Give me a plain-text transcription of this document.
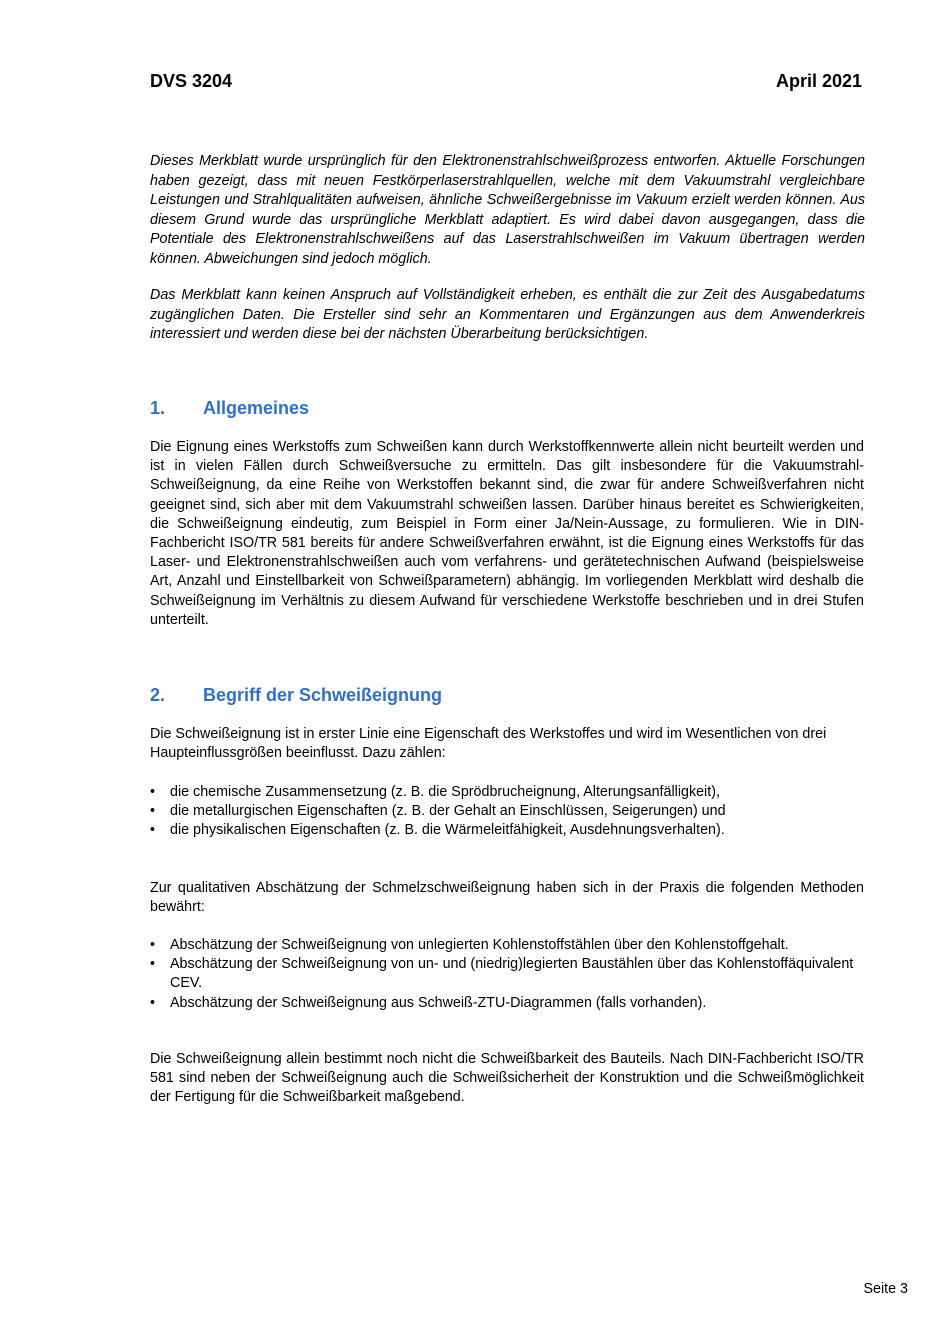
DVS 3204	April 2021

Dieses Merkblatt wurde ursprünglich für den Elektronenstrahlschweißprozess entworfen. Aktuelle Forschungen haben gezeigt, dass mit neuen Festkörperlaserstrahlquellen, welche mit dem Vakuumstrahl vergleichbare Leistungen und Strahlqualitäten aufweisen, ähnliche Schweißergebnisse im Vakuum erzielt werden können. Aus diesem Grund wurde das ursprüngliche Merkblatt adaptiert. Es wird dabei davon ausgegangen, dass die Potentiale des Elektronenstrahlschweißens auf das Laserstrahlschweißen im Vakuum übertragen werden können. Abweichungen sind jedoch möglich.

Das Merkblatt kann keinen Anspruch auf Vollständigkeit erheben, es enthält die zur Zeit des Ausgabedatums zugänglichen Daten. Die Ersteller sind sehr an Kommentaren und Ergänzungen aus dem Anwenderkreis interessiert und werden diese bei der nächsten Überarbeitung berücksichtigen.

1. Allgemeines

Die Eignung eines Werkstoffs zum Schweißen kann durch Werkstoffkennwerte allein nicht beurteilt werden und ist in vielen Fällen durch Schweißversuche zu ermitteln. Das gilt insbesondere für die Vakuumstrahl-Schweißeignung, da eine Reihe von Werkstoffen bekannt sind, die zwar für andere Schweißverfahren nicht geeignet sind, sich aber mit dem Vakuumstrahl schweißen lassen. Darüber hinaus bereitet es Schwierigkeiten, die Schweißeignung eindeutig, zum Beispiel in Form einer Ja/Nein-Aussage, zu formulieren. Wie in DIN-Fachbericht ISO/TR 581 bereits für andere Schweißverfahren erwähnt, ist die Eignung eines Werkstoffs für das Laser- und Elektronenstrahlschweißen auch vom verfahrens- und gerätetechnischen Aufwand (beispielsweise Art, Anzahl und Einstellbarkeit von Schweißparametern) abhängig. Im vorliegenden Merkblatt wird deshalb die Schweißeignung im Verhältnis zu diesem Aufwand für verschiedene Werkstoffe beschrieben und in drei Stufen unterteilt.

2. Begriff der Schweißeignung

Die Schweißeignung ist in erster Linie eine Eigenschaft des Werkstoffes und wird im Wesentlichen von drei Haupteinflussgrößen beeinflusst. Dazu zählen:

• die chemische Zusammensetzung (z. B. die Sprödbrucheignung, Alterungsanfälligkeit),
• die metallurgischen Eigenschaften (z. B. der Gehalt an Einschlüssen, Seigerungen) und
• die physikalischen Eigenschaften (z. B. die Wärmeleitfähigkeit, Ausdehnungsverhalten).

Zur qualitativen Abschätzung der Schmelzschweißeignung haben sich in der Praxis die folgenden Methoden bewährt:

• Abschätzung der Schweißeignung von unlegierten Kohlenstoffstählen über den Kohlenstoffgehalt.
• Abschätzung der Schweißeignung von un- und (niedrig)legierten Baustählen über das Kohlenstoffäquivalent CEV.
• Abschätzung der Schweißeignung aus Schweiß-ZTU-Diagrammen (falls vorhanden).

Die Schweißeignung allein bestimmt noch nicht die Schweißbarkeit des Bauteils. Nach DIN-Fachbericht ISO/TR 581 sind neben der Schweißeignung auch die Schweißsicherheit der Konstruktion und die Schweißmöglichkeit der Fertigung für die Schweißbarkeit maßgebend.

Seite 3
